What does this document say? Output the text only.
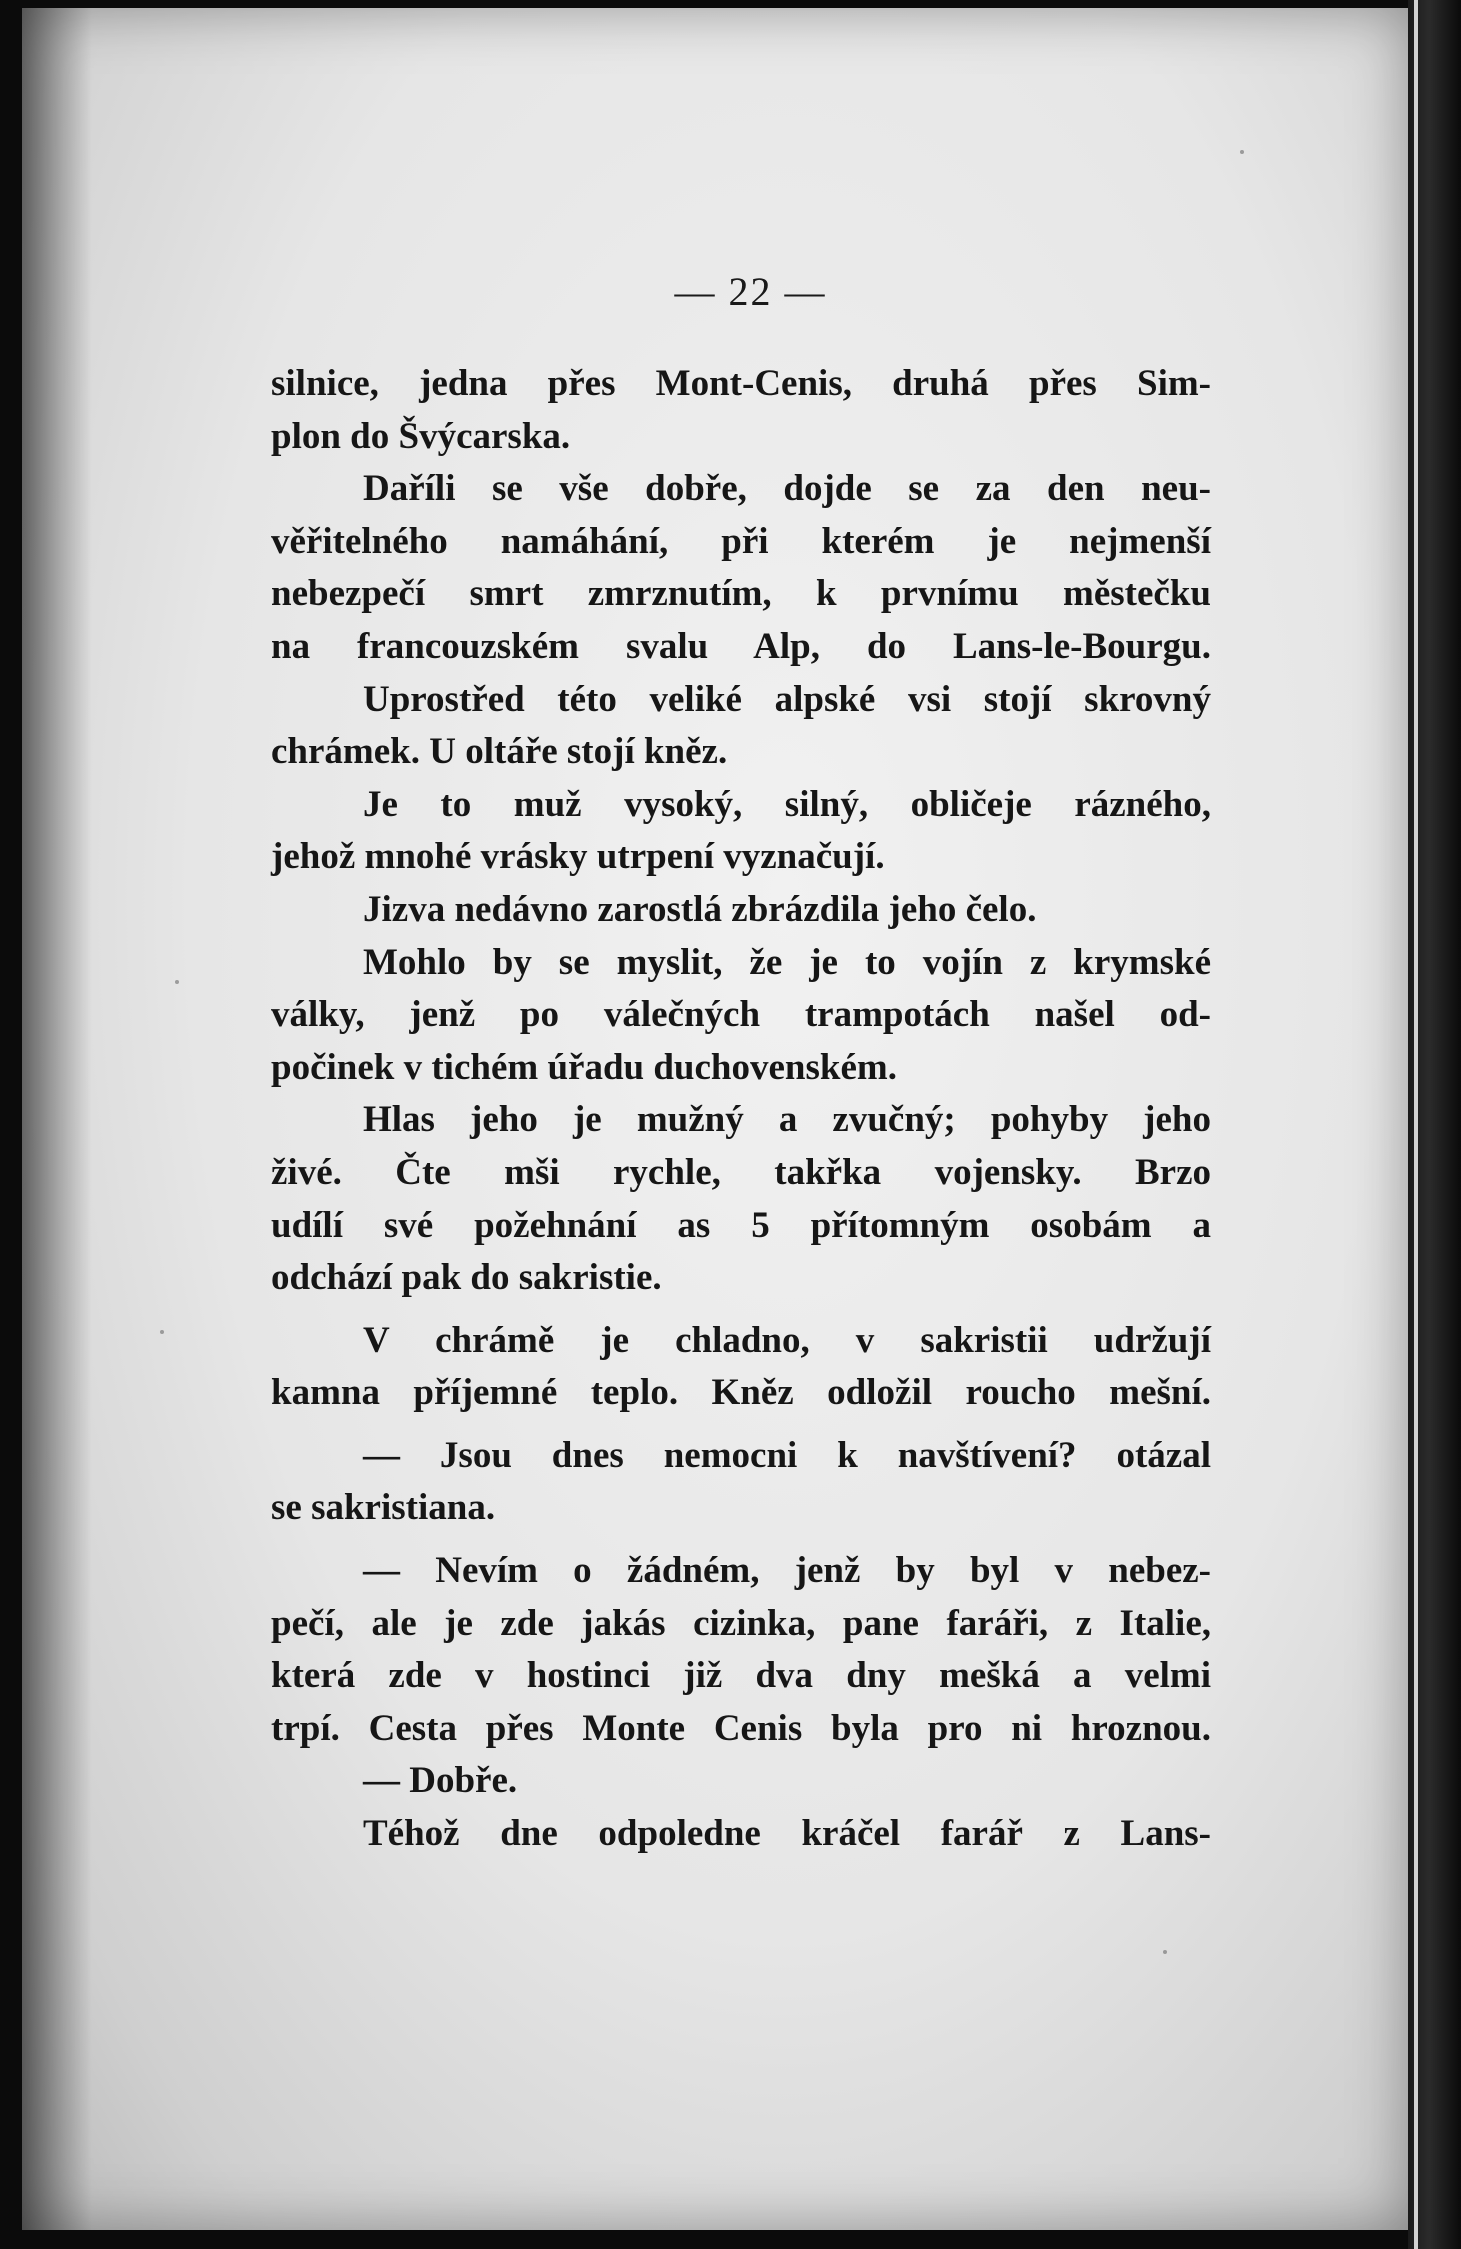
— 22 —
silnice, jedna přes Mont-Cenis, druhá přes Sim-
plon do Švýcarska.
Daříli se vše dobře, dojde se za den neu-
věřitelného namáhání, při kterém je nejmenší
nebezpečí smrt zmrznutím, k prvnímu městečku
na francouzském svalu Alp, do Lans-le-Bourgu.
Uprostřed této veliké alpské vsi stojí skrovný
chrámek. U oltáře stojí kněz.
Je to muž vysoký, silný, obličeje rázného,
jehož mnohé vrásky utrpení vyznačují.
Jizva nedávno zarostlá zbrázdila jeho čelo.
Mohlo by se myslit, že je to vojín z krymské
války, jenž po válečných trampotách našel od-
počinek v tichém úřadu duchovenském.
Hlas jeho je mužný a zvučný; pohyby jeho
živé. Čte mši rychle, takřka vojensky. Brzo
udílí své požehnání as 5 přítomným osobám a
odchází pak do sakristie.
V chrámě je chladno, v sakristii udržují
kamna příjemné teplo. Kněz odložil roucho mešní.
— Jsou dnes nemocni k navštívení? otázal
se sakristiana.
— Nevím o žádném, jenž by byl v nebez-
pečí, ale je zde jakás cizinka, pane faráři, z Italie,
která zde v hostinci již dva dny mešká a velmi
trpí. Cesta přes Monte Cenis byla pro ni hroznou.
— Dobře.
Téhož dne odpoledne kráčel farář z Lans-
